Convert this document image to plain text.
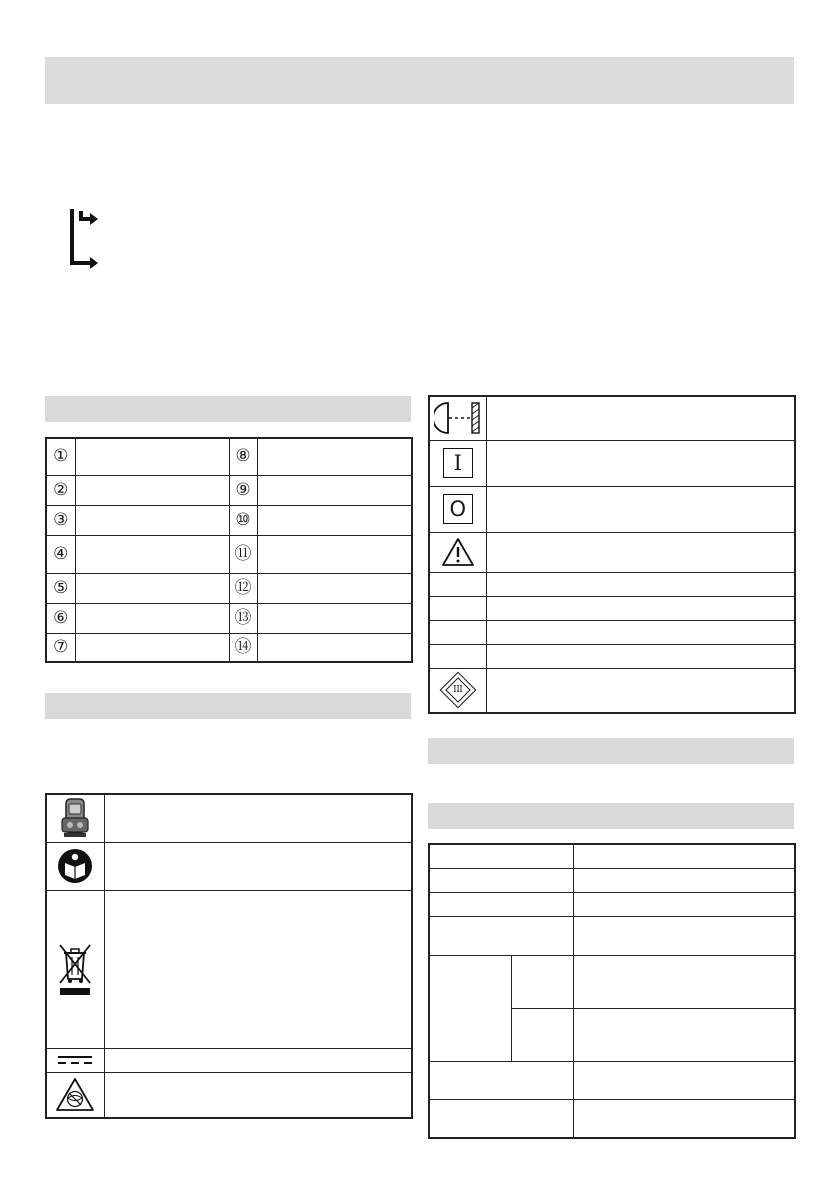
①		⑧	
②		⑨	
③		⑩	
④		⑪	
⑤		⑫	
⑥		⑬	
⑦		⑭	

I	

O	

III	
